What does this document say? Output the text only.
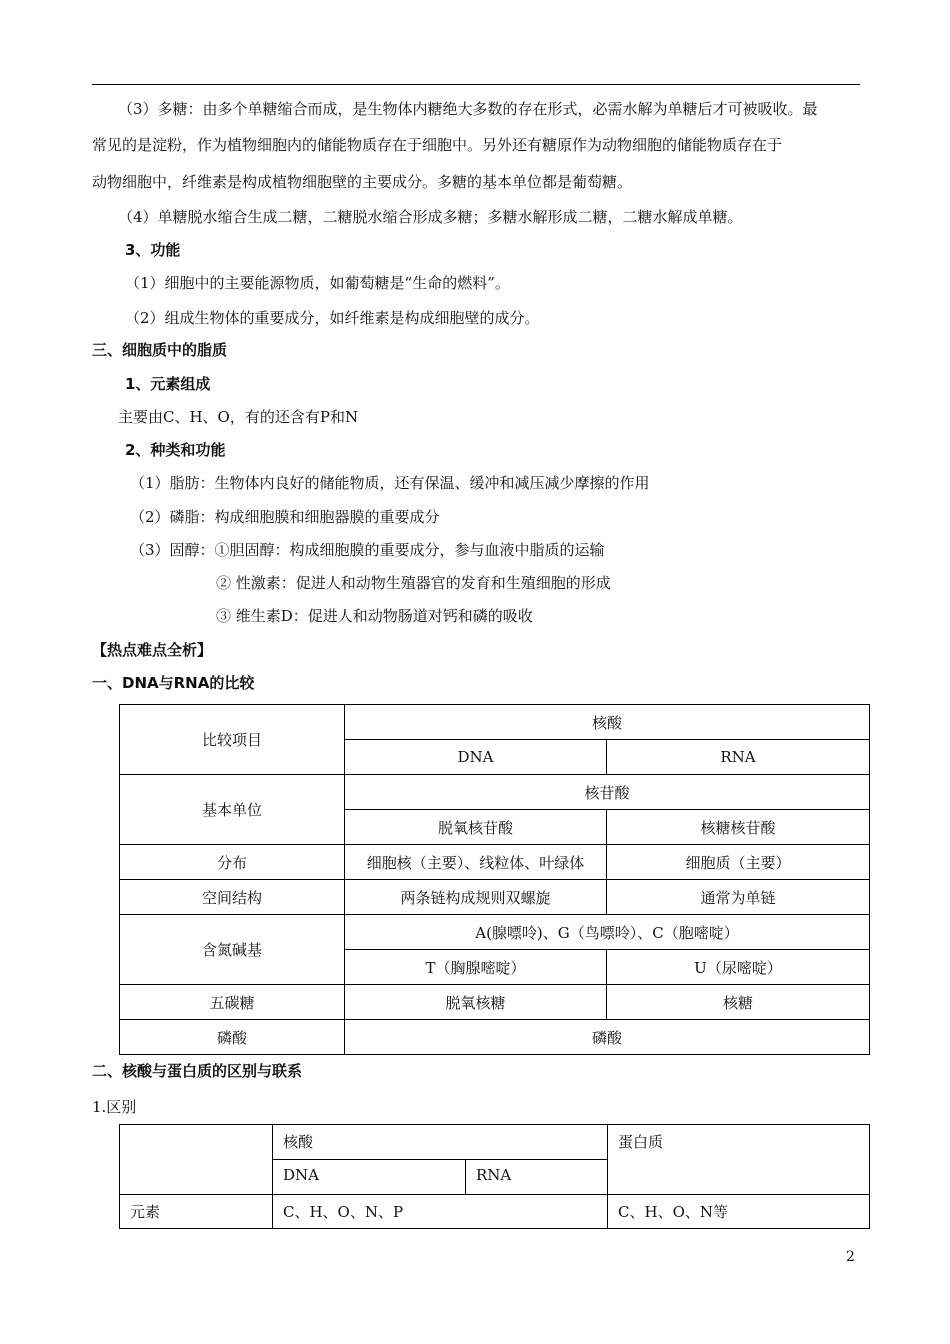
（3）多糖：由多个单糖缩合而成，是生物体内糖绝大多数的存在形式，必需水解为单糖后才可被吸收。最
常见的是淀粉，作为植物细胞内的储能物质存在于细胞中。另外还有糖原作为动物细胞的储能物质存在于
动物细胞中，纤维素是构成植物细胞壁的主要成分。多糖的基本单位都是葡萄糖。
（4）单糖脱水缩合生成二糖，二糖脱水缩合形成多糖；多糖水解形成二糖，二糖水解成单糖。
3、功能
（1）细胞中的主要能源物质，如葡萄糖是“生命的燃料”。
（2）组成生物体的重要成分，如纤维素是构成细胞壁的成分。
三、细胞质中的脂质
1、元素组成
主要由C、H、O，有的还含有P和N
2、种类和功能
（1）脂肪：生物体内良好的储能物质，还有保温、缓冲和减压减少摩擦的作用
（2）磷脂：构成细胞膜和细胞器膜的重要成分
（3）固醇：①胆固醇：构成细胞膜的重要成分，参与血液中脂质的运输
② 性激素：促进人和动物生殖器官的发育和生殖细胞的形成
③ 维生素D：促进人和动物肠道对钙和磷的吸收
【热点难点全析】
一、DNA与RNA的比较
比较项目	核酸	
	DNA	RNA
基本单位	核苷酸	
	脱氧核苷酸	核糖核苷酸
分布	细胞核（主要）、线粒体、叶绿体	细胞质（主要）
空间结构	两条链构成规则双螺旋	通常为单链
含氮碱基	A(腺嘌呤)、G（鸟嘌呤）、C（胞嘧啶）	
	T（胸腺嘧啶）	U（尿嘧啶）
五碳糖	脱氧核糖	核糖
磷酸	磷酸	
二、核酸与蛋白质的区别与联系
1.区别
	核酸		蛋白质
	DNA	RNA	
元素	C、H、O、N、P		C、H、O、N等
2
